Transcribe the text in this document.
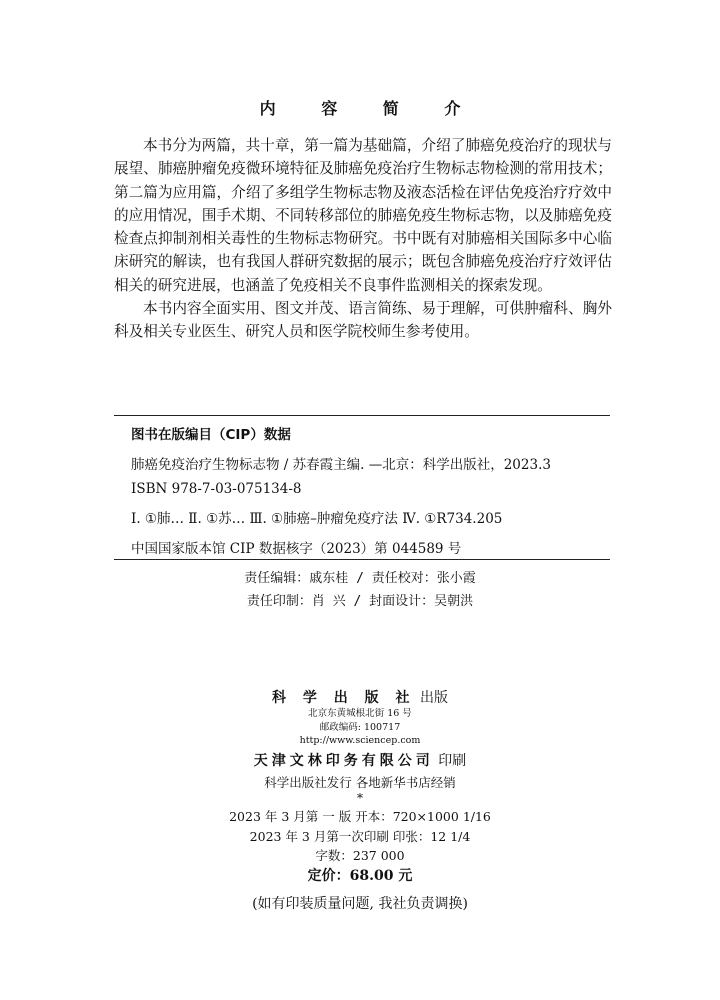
内 容 简 介

本书分为两篇，共十章，第一篇为基础篇，介绍了肺癌免疫治疗的现状与展望、肺癌肿瘤免疫微环境特征及肺癌免疫治疗生物标志物检测的常用技术；第二篇为应用篇，介绍了多组学生物标志物及液态活检在评估免疫治疗疗效中的应用情况，围手术期、不同转移部位的肺癌免疫生物标志物，以及肺癌免疫检查点抑制剂相关毒性的生物标志物研究。书中既有对肺癌相关国际多中心临床研究的解读，也有我国人群研究数据的展示；既包含肺癌免疫治疗疗效评估相关的研究进展，也涵盖了免疫相关不良事件监测相关的探索发现。

本书内容全面实用、图文并茂、语言简练、易于理解，可供肿瘤科、胸外科及相关专业医生、研究人员和医学院校师生参考使用。

图书在版编目（CIP）数据
肺癌免疫治疗生物标志物 / 苏春霞主编. —北京：科学出版社，2023.3
ISBN 978-7-03-075134-8
Ⅰ. ①肺… Ⅱ. ①苏… Ⅲ. ①肺癌–肿瘤免疫疗法 Ⅳ. ①R734.205
中国国家版本馆 CIP 数据核字（2023）第 044589 号
责任编辑：戚东桂 / 责任校对：张小霞
责任印制：肖 兴 / 封面设计：吴朝洪
科 学 出 版 社 出版
北京东黄城根北街 16 号
邮政编码: 100717
http://www.sciencep.com
天津文林印务有限公司 印刷
科学出版社发行 各地新华书店经销
*
2023 年 3 月第 一 版 开本：720×1000 1/16
2023 年 3 月第一次印刷 印张：12 1/4
字数：237 000
定价：68.00 元
(如有印装质量问题, 我社负责调换)
